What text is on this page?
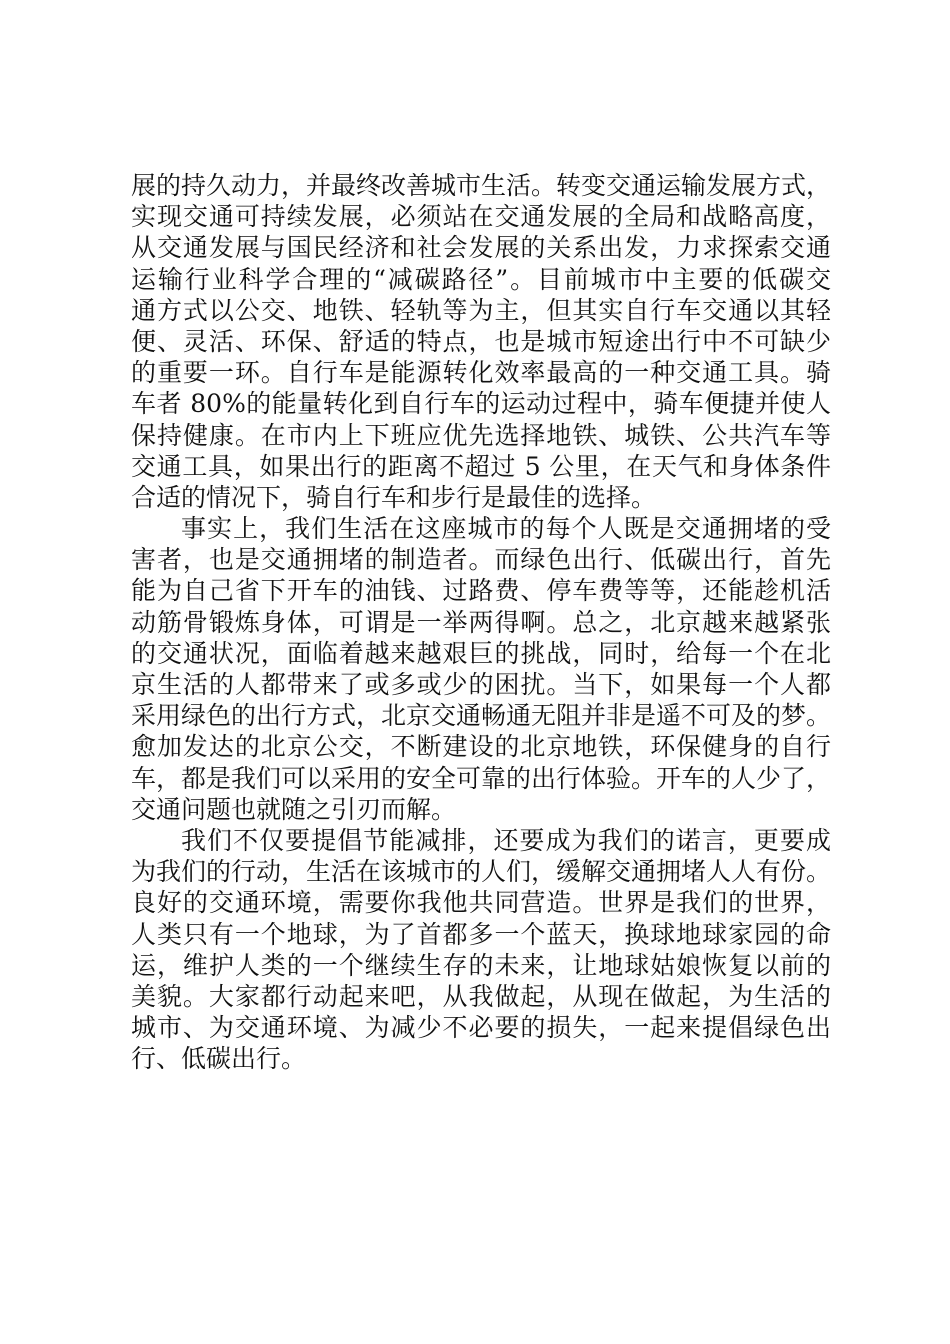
展的持久动力，并最终改善城市生活。转变交通运输发展方式，
实现交通可持续发展，必须站在交通发展的全局和战略高度，
从交通发展与国民经济和社会发展的关系出发，力求探索交通
运输行业科学合理的“减碳路径”。目前城市中主要的低碳交
通方式以公交、地铁、轻轨等为主，但其实自行车交通以其轻
便、灵活、环保、舒适的特点，也是城市短途出行中不可缺少
的重要一环。自行车是能源转化效率最高的一种交通工具。骑
车者 80%的能量转化到自行车的运动过程中，骑车便捷并使人
保持健康。在市内上下班应优先选择地铁、城铁、公共汽车等
交通工具，如果出行的距离不超过 5 公里，在天气和身体条件
合适的情况下，骑自行车和步行是最佳的选择。
事实上，我们生活在这座城市的每个人既是交通拥堵的受
害者，也是交通拥堵的制造者。而绿色出行、低碳出行，首先
能为自己省下开车的油钱、过路费、停车费等等，还能趁机活
动筋骨锻炼身体，可谓是一举两得啊。总之，北京越来越紧张
的交通状况，面临着越来越艰巨的挑战，同时，给每一个在北
京生活的人都带来了或多或少的困扰。当下，如果每一个人都
采用绿色的出行方式，北京交通畅通无阻并非是遥不可及的梦。
愈加发达的北京公交，不断建设的北京地铁，环保健身的自行
车，都是我们可以采用的安全可靠的出行体验。开车的人少了，
交通问题也就随之引刃而解。
我们不仅要提倡节能减排，还要成为我们的诺言，更要成
为我们的行动，生活在该城市的人们，缓解交通拥堵人人有份。
良好的交通环境，需要你我他共同营造。世界是我们的世界，
人类只有一个地球，为了首都多一个蓝天，换球地球家园的命
运，维护人类的一个继续生存的未来，让地球姑娘恢复以前的
美貌。大家都行动起来吧，从我做起，从现在做起，为生活的
城市、为交通环境、为减少不必要的损失，一起来提倡绿色出
行、低碳出行。
